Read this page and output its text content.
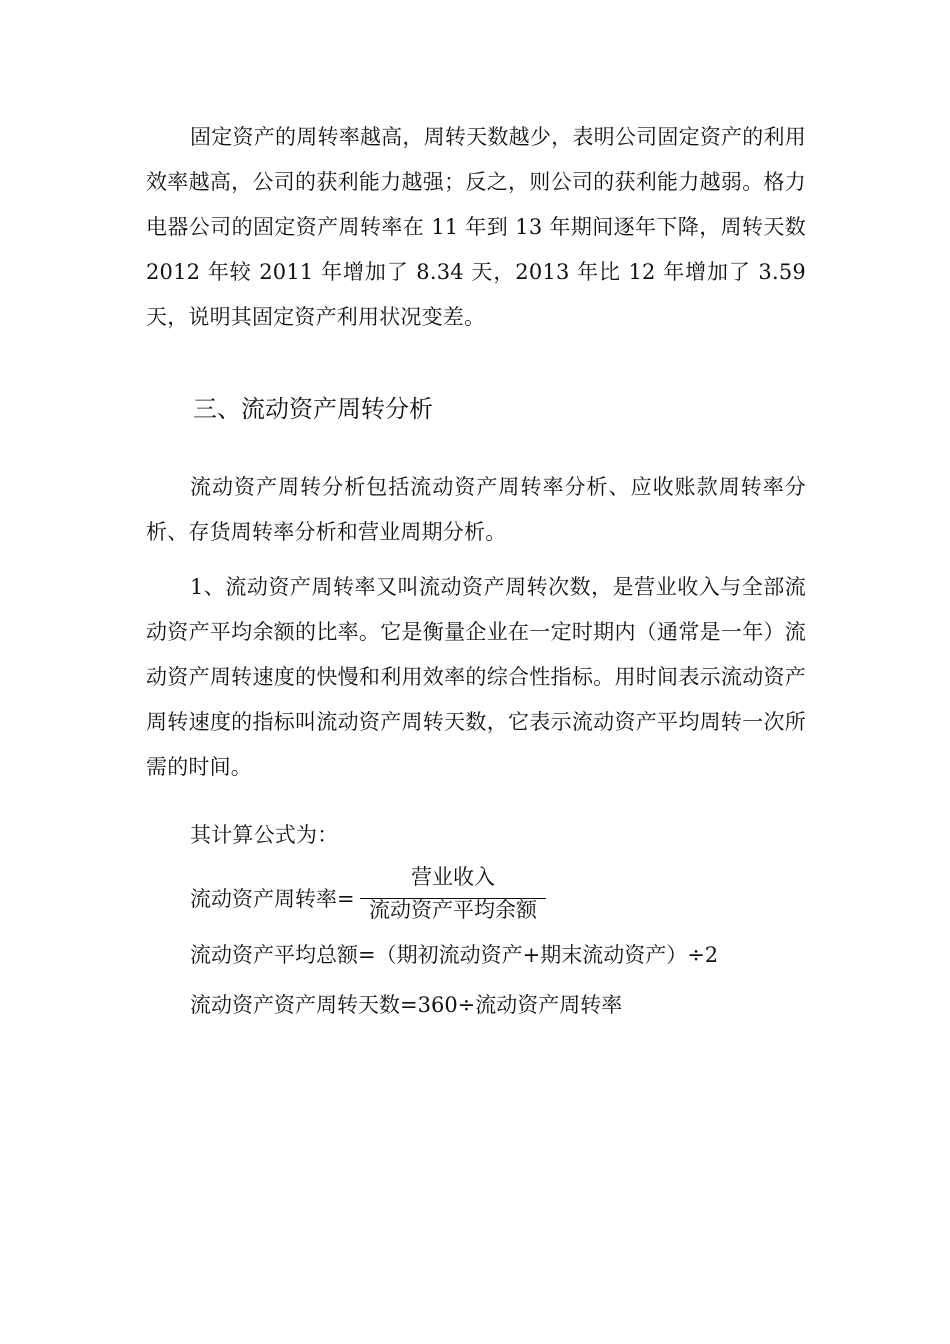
固定资产的周转率越高，周转天数越少，表明公司固定资产的利用效率越高，公司的获利能力越强；反之，则公司的获利能力越弱。格力电器公司的固定资产周转率在 11 年到 13 年期间逐年下降，周转天数 2012 年较 2011 年增加了 8.34 天，2013 年比 12 年增加了 3.59 天，说明其固定资产利用状况变差。

三、流动资产周转分析

流动资产周转分析包括流动资产周转率分析、应收账款周转率分析、存货周转率分析和营业周期分析。

1、流动资产周转率又叫流动资产周转次数，是营业收入与全部流动资产平均余额的比率。它是衡量企业在一定时期内（通常是一年）流动资产周转速度的快慢和利用效率的综合性指标。用时间表示流动资产周转速度的指标叫流动资产周转天数，它表示流动资产平均周转一次所需的时间。

其计算公式为：

流动资产周转率=
营业收入
流动资产平均余额
流动资产平均总额=（期初流动资产+期末流动资产）÷2
流动资产资产周转天数=360÷流动资产周转率
